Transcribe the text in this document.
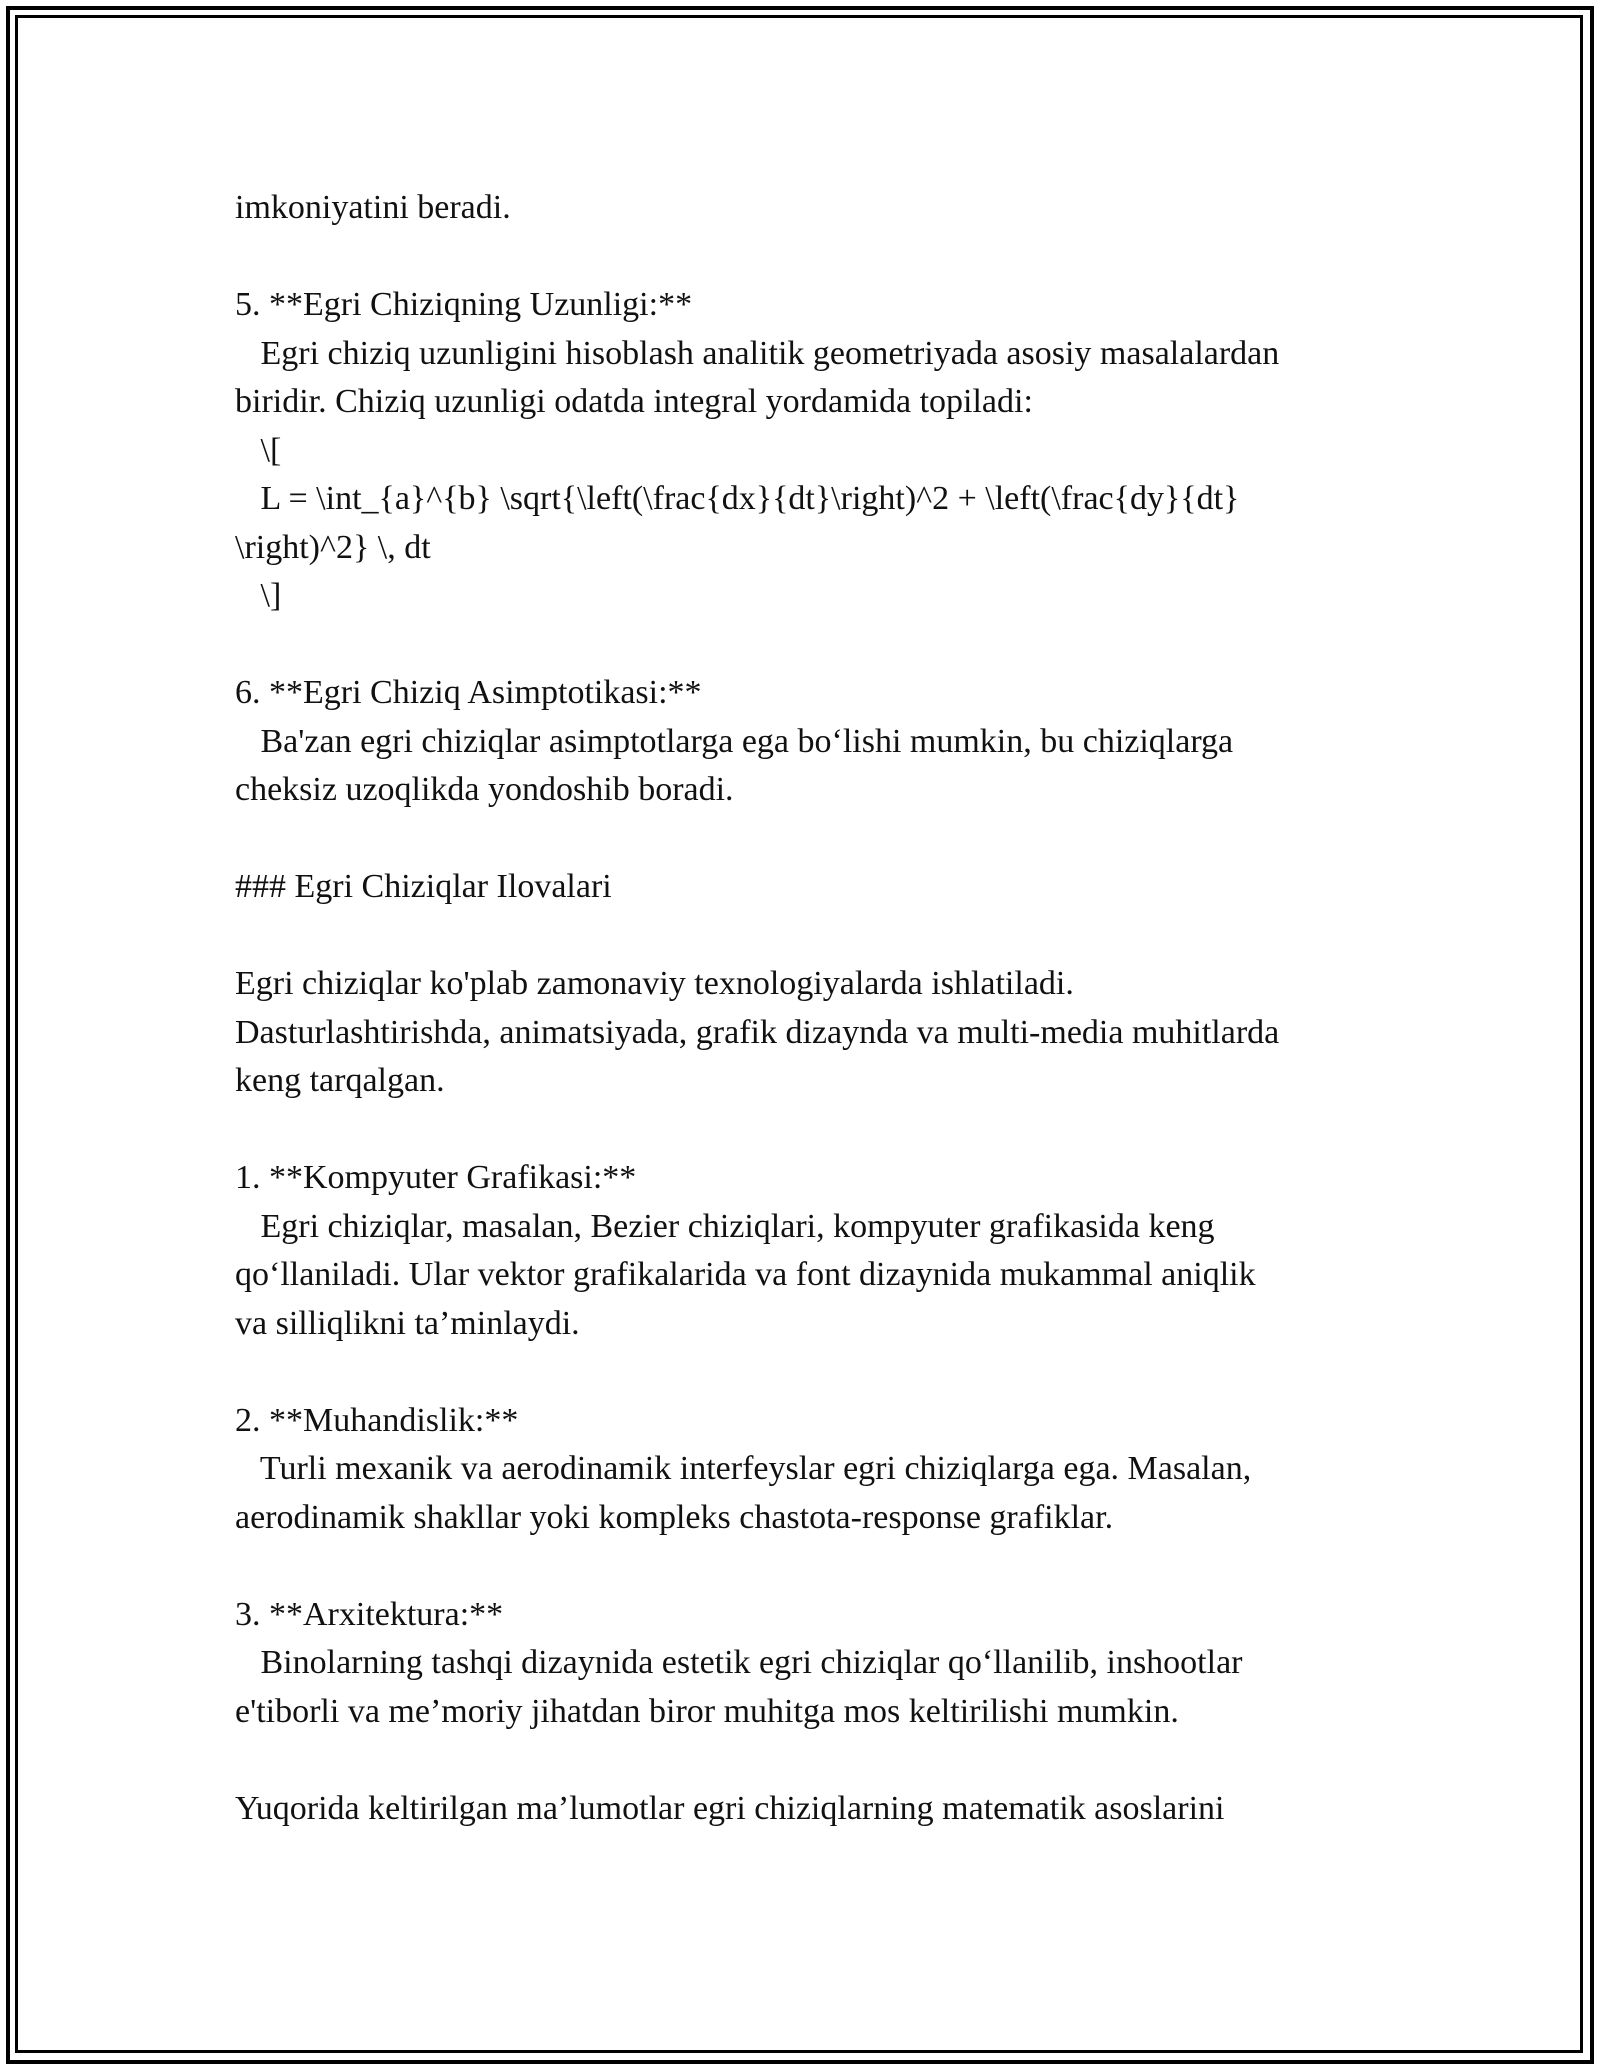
imkoniyatini beradi.
5. **Egri Chiziqning Uzunligi:**
Egri chiziq uzunligini hisoblash analitik geometriyada asosiy masalalardan
biridir. Chiziq uzunligi odatda integral yordamida topiladi:
\[
L = \int_{a}^{b} \sqrt{\left(\frac{dx}{dt}\right)^2 + \left(\frac{dy}{dt}
\right)^2} \, dt
\]
6. **Egri Chiziq Asimptotikasi:**
Ba'zan egri chiziqlar asimptotlarga ega bo‘lishi mumkin, bu chiziqlarga
cheksiz uzoqlikda yondoshib boradi.
### Egri Chiziqlar Ilovalari
Egri chiziqlar ko'plab zamonaviy texnologiyalarda ishlatiladi.
Dasturlashtirishda, animatsiyada, grafik dizaynda va multi-media muhitlarda
keng tarqalgan.
1. **Kompyuter Grafikasi:**
Egri chiziqlar, masalan, Bezier chiziqlari, kompyuter grafikasida keng
qo‘llaniladi. Ular vektor grafikalarida va font dizaynida mukammal aniqlik
va silliqlikni ta’minlaydi.
2. **Muhandislik:**
Turli mexanik va aerodinamik interfeyslar egri chiziqlarga ega. Masalan,
aerodinamik shakllar yoki kompleks chastota-response grafiklar.
3. **Arxitektura:**
Binolarning tashqi dizaynida estetik egri chiziqlar qo‘llanilib, inshootlar
e'tiborli va me’moriy jihatdan biror muhitga mos keltirilishi mumkin.
Yuqorida keltirilgan ma’lumotlar egri chiziqlarning matematik asoslarini
